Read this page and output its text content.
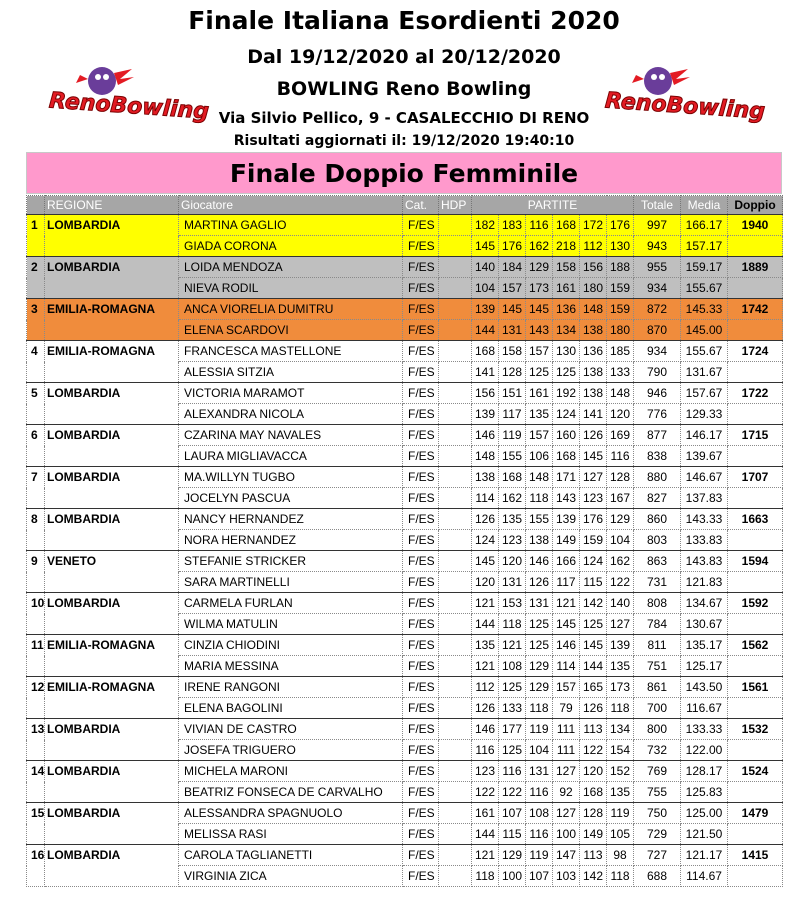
Finale Italiana Esordienti 2020
Dal 19/12/2020 al 20/12/2020
BOWLING Reno Bowling
Via Silvio Pellico, 9 - CASALECCHIO DI RENO
Risultati aggiornati il: 19/12/2020 19:40:10
RenoBowling	RenoBowling
Finale Doppio Femminile
	REGIONE	Giocatore	Cat.	HDP	PARTITE						Totale	Media	Doppio
1	LOMBARDIA	MARTINA GAGLIO	F/ES		182	183	116	168	172	176	997	166.17	1940
		GIADA CORONA	F/ES		145	176	162	218	112	130	943	157.17	
2	LOMBARDIA	LOIDA MENDOZA	F/ES		140	184	129	158	156	188	955	159.17	1889
		NIEVA RODIL	F/ES		104	157	173	161	180	159	934	155.67	
3	EMILIA-ROMAGNA	ANCA VIORELIA DUMITRU	F/ES		139	145	145	136	148	159	872	145.33	1742
		ELENA SCARDOVI	F/ES		144	131	143	134	138	180	870	145.00	
4	EMILIA-ROMAGNA	FRANCESCA MASTELLONE	F/ES		168	158	157	130	136	185	934	155.67	1724
		ALESSIA SITZIA	F/ES		141	128	125	125	138	133	790	131.67	
5	LOMBARDIA	VICTORIA MARAMOT	F/ES		156	151	161	192	138	148	946	157.67	1722
		ALEXANDRA NICOLA	F/ES		139	117	135	124	141	120	776	129.33	
6	LOMBARDIA	CZARINA MAY NAVALES	F/ES		146	119	157	160	126	169	877	146.17	1715
		LAURA MIGLIAVACCA	F/ES		148	155	106	168	145	116	838	139.67	
7	LOMBARDIA	MA.WILLYN TUGBO	F/ES		138	168	148	171	127	128	880	146.67	1707
		JOCELYN PASCUA	F/ES		114	162	118	143	123	167	827	137.83	
8	LOMBARDIA	NANCY HERNANDEZ	F/ES		126	135	155	139	176	129	860	143.33	1663
		NORA HERNANDEZ	F/ES		124	123	138	149	159	104	803	133.83	
9	VENETO	STEFANIE STRICKER	F/ES		145	120	146	166	124	162	863	143.83	1594
		SARA MARTINELLI	F/ES		120	131	126	117	115	122	731	121.83	
10	LOMBARDIA	CARMELA FURLAN	F/ES		121	153	131	121	142	140	808	134.67	1592
		WILMA MATULIN	F/ES		144	118	125	145	125	127	784	130.67	
11	EMILIA-ROMAGNA	CINZIA CHIODINI	F/ES		135	121	125	146	145	139	811	135.17	1562
		MARIA MESSINA	F/ES		121	108	129	114	144	135	751	125.17	
12	EMILIA-ROMAGNA	IRENE RANGONI	F/ES		112	125	129	157	165	173	861	143.50	1561
		ELENA BAGOLINI	F/ES		126	133	118	79	126	118	700	116.67	
13	LOMBARDIA	VIVIAN DE CASTRO	F/ES		146	177	119	111	113	134	800	133.33	1532
		JOSEFA TRIGUERO	F/ES		116	125	104	111	122	154	732	122.00	
14	LOMBARDIA	MICHELA MARONI	F/ES		123	116	131	127	120	152	769	128.17	1524
		BEATRIZ FONSECA DE CARVALHO	F/ES		122	122	116	92	168	135	755	125.83	
15	LOMBARDIA	ALESSANDRA SPAGNUOLO	F/ES		161	107	108	127	128	119	750	125.00	1479
		MELISSA RASI	F/ES		144	115	116	100	149	105	729	121.50	
16	LOMBARDIA	CAROLA TAGLIANETTI	F/ES		121	129	119	147	113	98	727	121.17	1415
		VIRGINIA ZICA	F/ES		118	100	107	103	142	118	688	114.67	
